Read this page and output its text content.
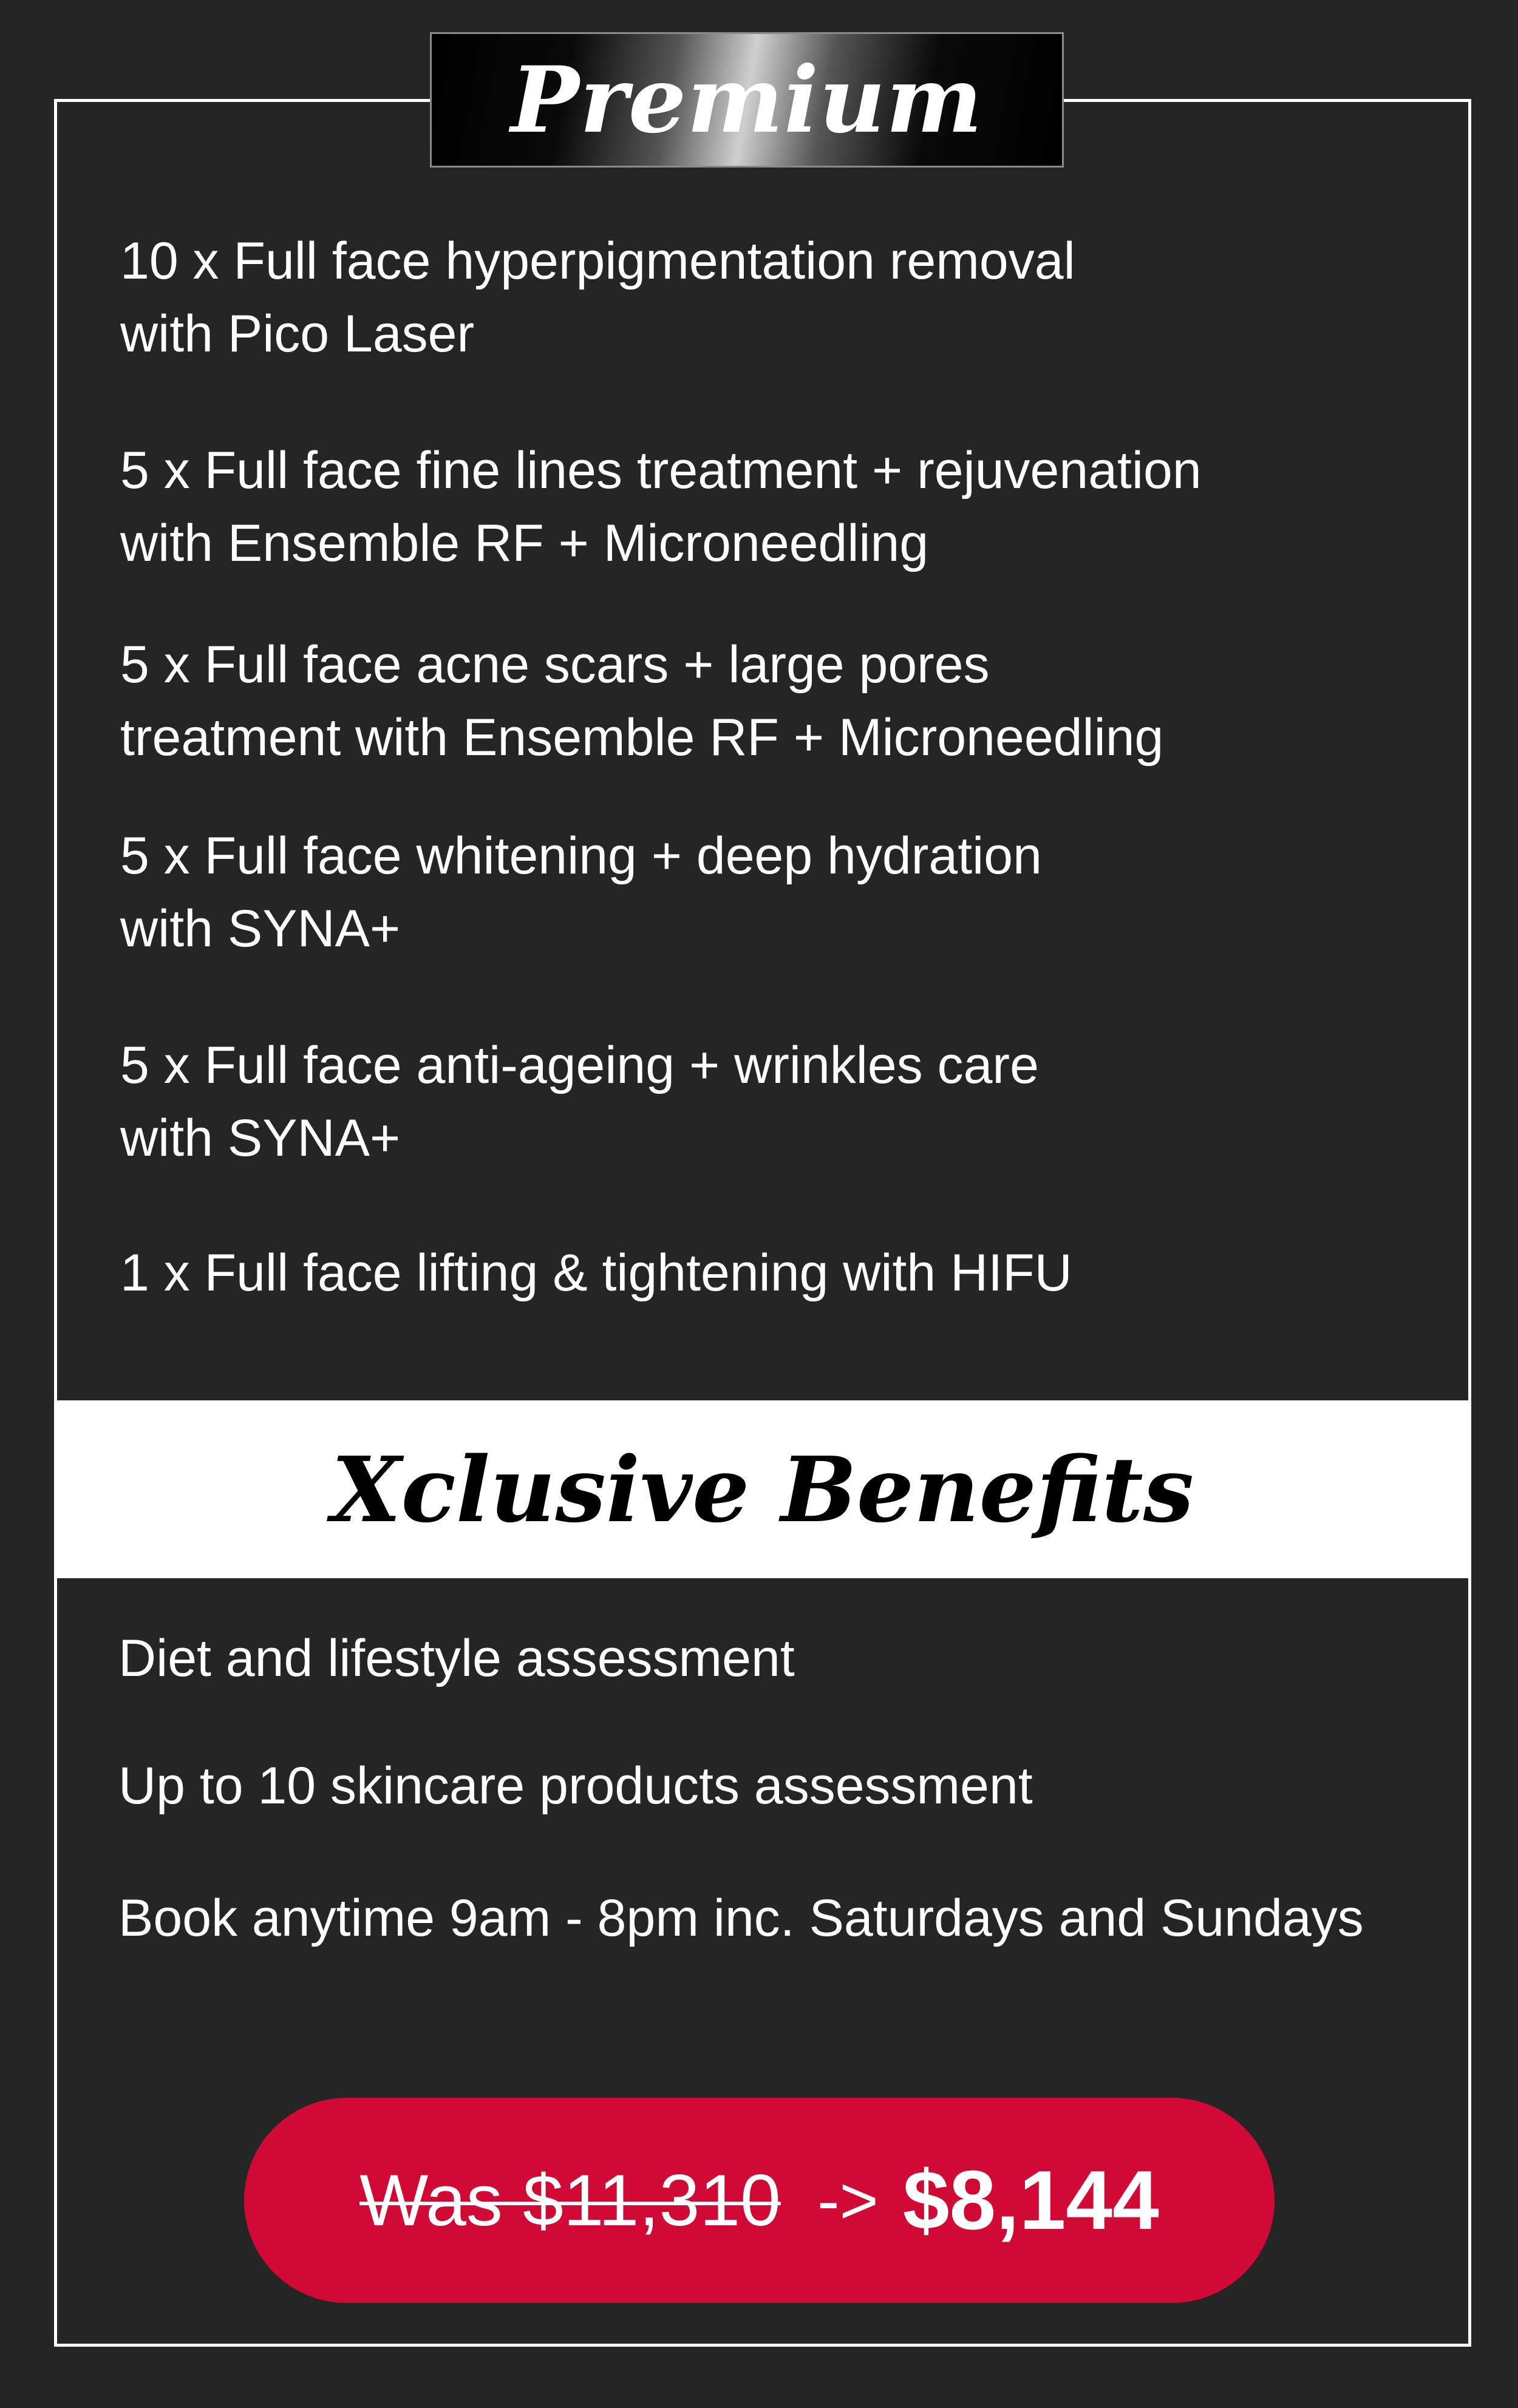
Premium
10 x Full face hyperpigmentation removal
with Pico Laser
5 x Full face fine lines treatment + rejuvenation
with Ensemble RF + Microneedling
5 x Full face acne scars + large pores
treatment with Ensemble RF + Microneedling
5 x Full face whitening + deep hydration
with SYNA+
5 x Full face anti-ageing + wrinkles care
with SYNA+
1 x Full face lifting & tightening with HIFU
Xclusive Benefits
Diet and lifestyle assessment
Up to 10 skincare products assessment
Book anytime 9am - 8pm inc. Saturdays and Sundays
Was $11,310 -> $8,144
